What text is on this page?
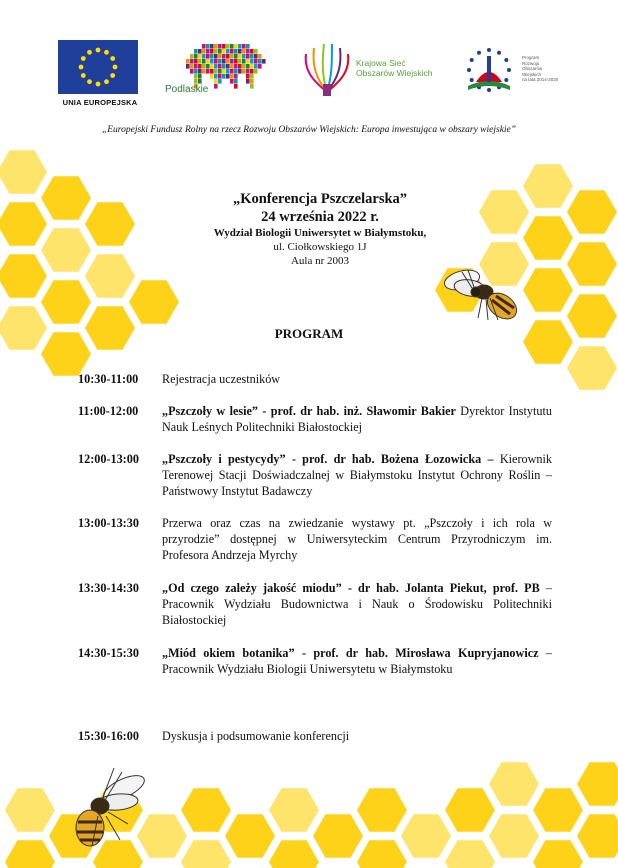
UNIA EUROPEJSKA
Podlaskie
Krajowa Sieć
Obszarów Wiejskich
Program
Rozwoju
Obszarów
Wiejskich
na lata 2014-2020
„Europejski Fundusz Rolny na rzecz Rozwoju Obszarów Wiejskich: Europa inwestująca w obszary wiejskie”
„Konferencja Pszczelarska”
24 września 2022 r.
Wydział Biologii Uniwersytet w Białymstoku,
ul. Ciołkowskiego 1J
Aula nr 2003
PROGRAM
10:30-11:00	Rejestracja uczestników
11:00-12:00	„Pszczoły w lesie” - prof. dr hab. inż. Sławomir Bakier Dyrektor Instytutu Nauk Leśnych Politechniki Białostockiej
12:00-13:00	„Pszczoły i pestycydy” - prof. dr hab. Bożena Łozowicka – Kierownik Terenowej Stacji Doświadczalnej w Białymstoku Instytut Ochrony Roślin – Państwowy Instytut Badawczy
13:00-13:30	Przerwa oraz czas na zwiedzanie wystawy pt. „Pszczoły i ich rola w przyrodzie” dostępnej w Uniwersyteckim Centrum Przyrodniczym im. Profesora Andrzeja Myrchy
13:30-14:30	„Od czego zależy jakość miodu” - dr hab. Jolanta Piekut, prof. PB – Pracownik Wydziału Budownictwa i Nauk o Środowisku Politechniki Białostockiej
14:30-15:30	„Miód okiem botanika” - prof. dr hab. Mirosława Kupryjanowicz – Pracownik Wydziału Biologii Uniwersytetu w Białymstoku
15:30-16:00	Dyskusja i podsumowanie konferencji
